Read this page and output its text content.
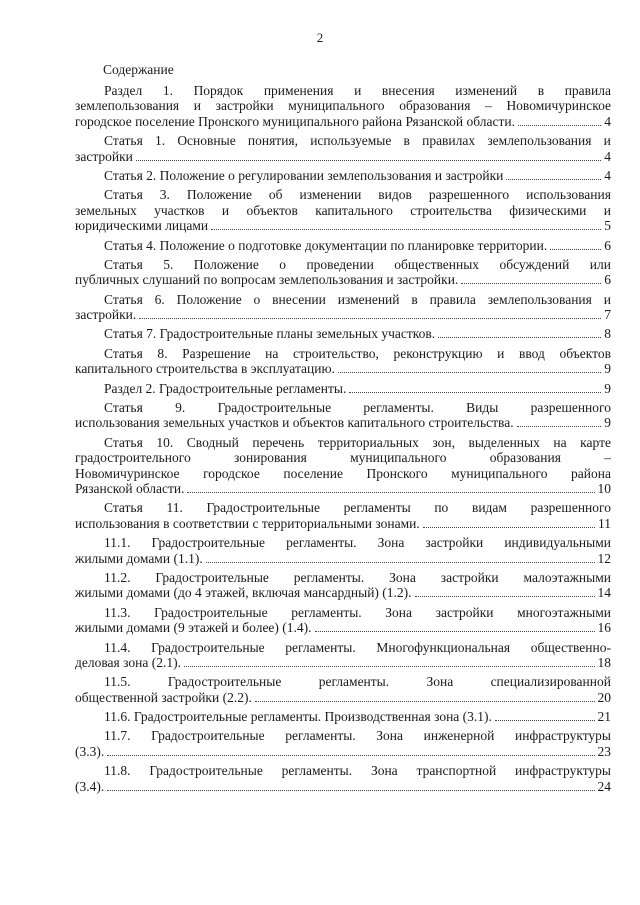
2
Содержание
Раздел 1. Порядок применения и внесения изменений в правила
землепользования и застройки муниципального образования – Новомичуринское
городское поселение Пронского муниципального района Рязанской области.	4
Статья 1. Основные понятия, используемые в правилах землепользования и
застройки	4
Статья 2. Положение о регулировании землепользования и застройки	4
Статья 3. Положение об изменении видов разрешенного использования
земельных участков и объектов капитального строительства физическими и
юридическими лицами	5
Статья 4. Положение о подготовке документации по планировке территории.	6
Статья 5. Положение о проведении общественных обсуждений или
публичных слушаний по вопросам землепользования и застройки.	6
Статья 6. Положение о внесении изменений в правила землепользования и
застройки.	7
Статья 7. Градостроительные планы земельных участков.	8
Статья 8. Разрешение на строительство, реконструкцию и ввод объектов
капитального строительства в эксплуатацию.	9
Раздел 2. Градостроительные регламенты.	9
Статья 9. Градостроительные регламенты. Виды разрешенного
использования земельных участков и объектов капитального строительства.	9
Статья 10. Сводный перечень территориальных зон, выделенных на карте
градостроительного	зонирования	муниципального	образования	–
Новомичуринское городское поселение Пронского муниципального района
Рязанской области.	10
Статья 11. Градостроительные регламенты по видам разрешенного
использования в соответствии с территориальными зонами.	11
11.1. Градостроительные регламенты. Зона застройки индивидуальными
жилыми домами (1.1).	12
11.2. Градостроительные регламенты. Зона застройки малоэтажными
жилыми домами (до 4 этажей, включая мансардный) (1.2).	14
11.3. Градостроительные регламенты. Зона застройки многоэтажными
жилыми домами (9 этажей и более) (1.4).	16
11.4. Градостроительные регламенты. Многофункциональная общественно-
деловая зона (2.1).	18
11.5.	Градостроительные	регламенты.	Зона	специализированной
общественной застройки (2.2).	20
11.6. Градостроительные регламенты. Производственная зона (3.1).	21
11.7. Градостроительные регламенты. Зона инженерной инфраструктуры
(3.3).	23
11.8. Градостроительные регламенты. Зона транспортной инфраструктуры
(3.4).	24
